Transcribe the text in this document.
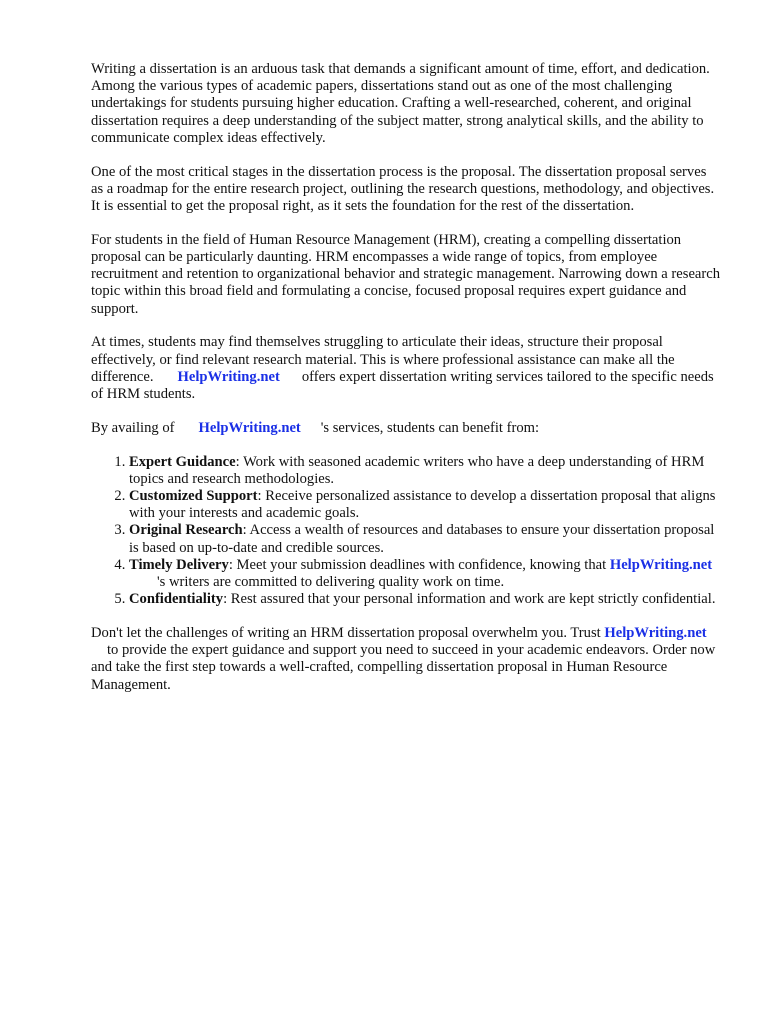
Writing a dissertation is an arduous task that demands a significant amount of time, effort, and dedication. Among the various types of academic papers, dissertations stand out as one of the most challenging undertakings for students pursuing higher education. Crafting a well-researched, coherent, and original dissertation requires a deep understanding of the subject matter, strong analytical skills, and the ability to communicate complex ideas effectively.

One of the most critical stages in the dissertation process is the proposal. The dissertation proposal serves as a roadmap for the entire research project, outlining the research questions, methodology, and objectives. It is essential to get the proposal right, as it sets the foundation for the rest of the dissertation.

For students in the field of Human Resource Management (HRM), creating a compelling dissertation proposal can be particularly daunting. HRM encompasses a wide range of topics, from employee recruitment and retention to organizational behavior and strategic management. Narrowing down a research topic within this broad field and formulating a concise, focused proposal requires expert guidance and support.

At times, students may find themselves struggling to articulate their ideas, structure their proposal effectively, or find relevant research material. This is where professional assistance can make all the difference. HelpWriting.net offers expert dissertation writing services tailored to the specific needs of HRM students.

By availing of HelpWriting.net 's services, students can benefit from:

1. Expert Guidance: Work with seasoned academic writers who have a deep understanding of HRM topics and research methodologies.
2. Customized Support: Receive personalized assistance to develop a dissertation proposal that aligns with your interests and academic goals.
3. Original Research: Access a wealth of resources and databases to ensure your dissertation proposal is based on up-to-date and credible sources.
4. Timely Delivery: Meet your submission deadlines with confidence, knowing that HelpWriting.net's writers are committed to delivering quality work on time.
5. Confidentiality: Rest assured that your personal information and work are kept strictly confidential.

Don't let the challenges of writing an HRM dissertation proposal overwhelm you. Trust HelpWriting.netto provide the expert guidance and support you need to succeed in your academic endeavors. Order now and take the first step towards a well-crafted, compelling dissertation proposal in Human Resource Management.
